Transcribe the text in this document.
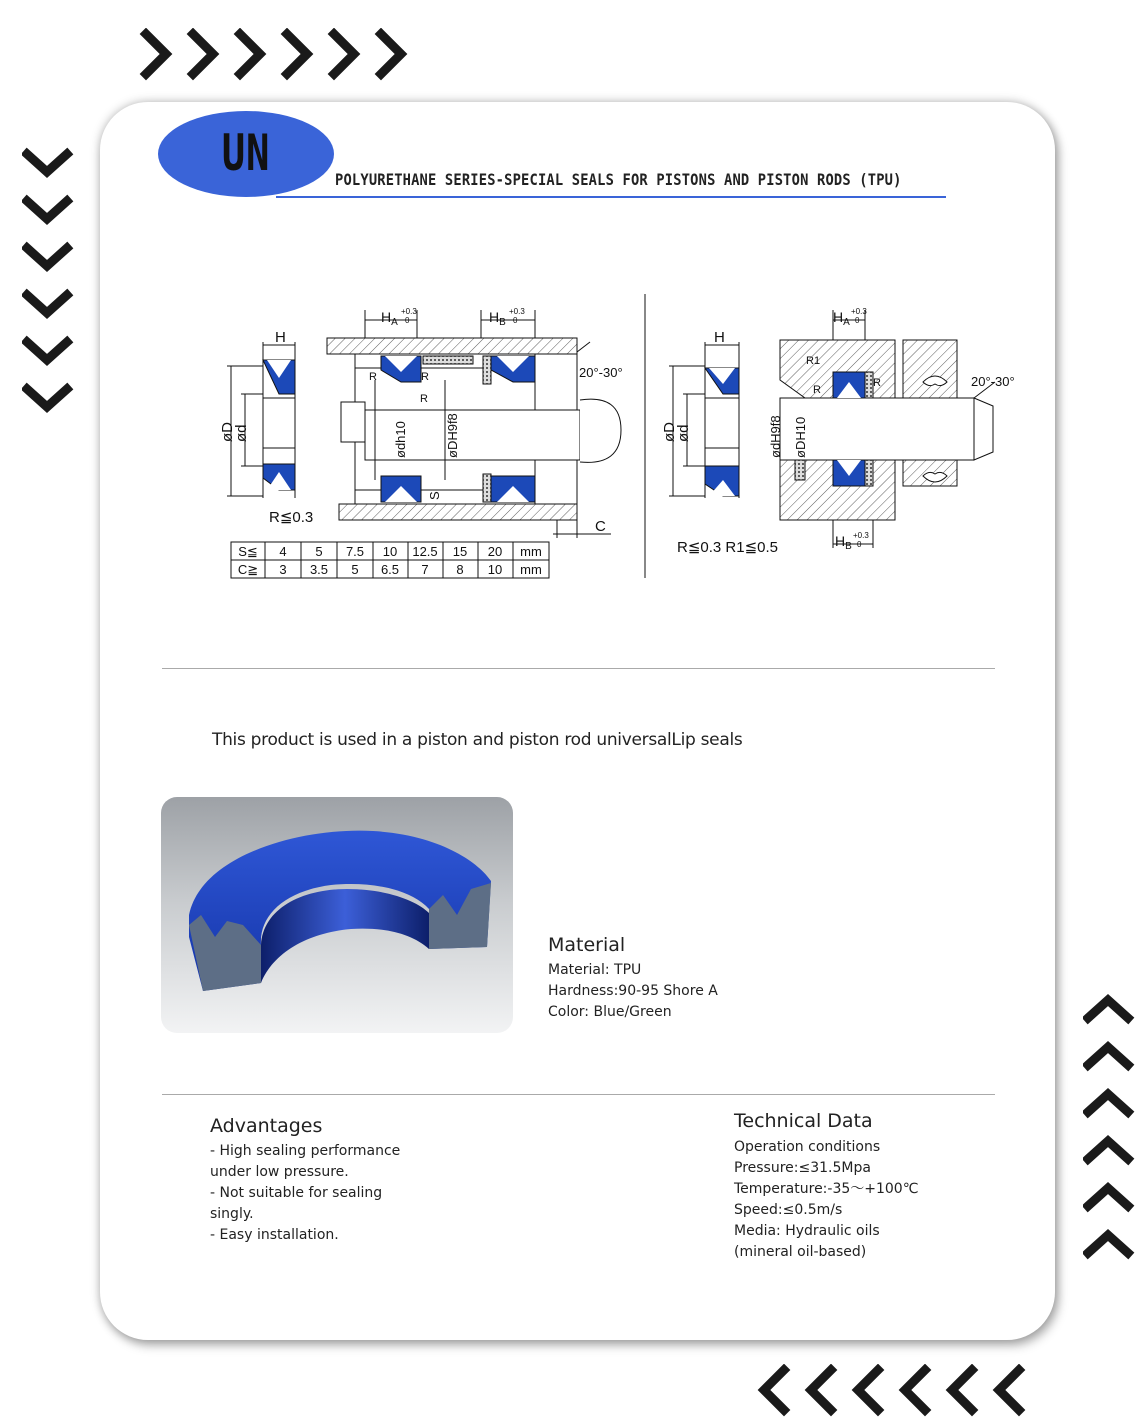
UN	POLYURETHANE SERIES-SPECIAL SEALS FOR PISTONS AND PISTON RODS (TPU)
H
øD
ød
R≦0.3
$H_A$
+0.3
0	$H_B$
+0.3
0
R	R
R
ødh10	øDH9f8
S
20°-30°
C
S≦ 4 5 7.5 10 12.5 15 20 mm
C≧ 3 3.5 5 6.5 7 8 10 mm
H
øD
ød
R≦0.3 R1≦0.5
$H_A$
+0.3
0
$H_B$
+0.3
0
R1
R
R
ødH9f8 øDH10
20°-30°
This product is used in a piston and piston rod universalLip seals
Material
Material: TPU
Hardness:90-95 Shore A
Color: Blue/Green
Advantages
- High sealing performance
under low pressure.
- Not suitable for sealing
singly.
- Easy installation.
Technical Data
Operation conditions
Pressure:≤31.5Mpa
Temperature:-35～+100℃
Speed:≤0.5m/s
Media: Hydraulic oils
(mineral oil-based)
